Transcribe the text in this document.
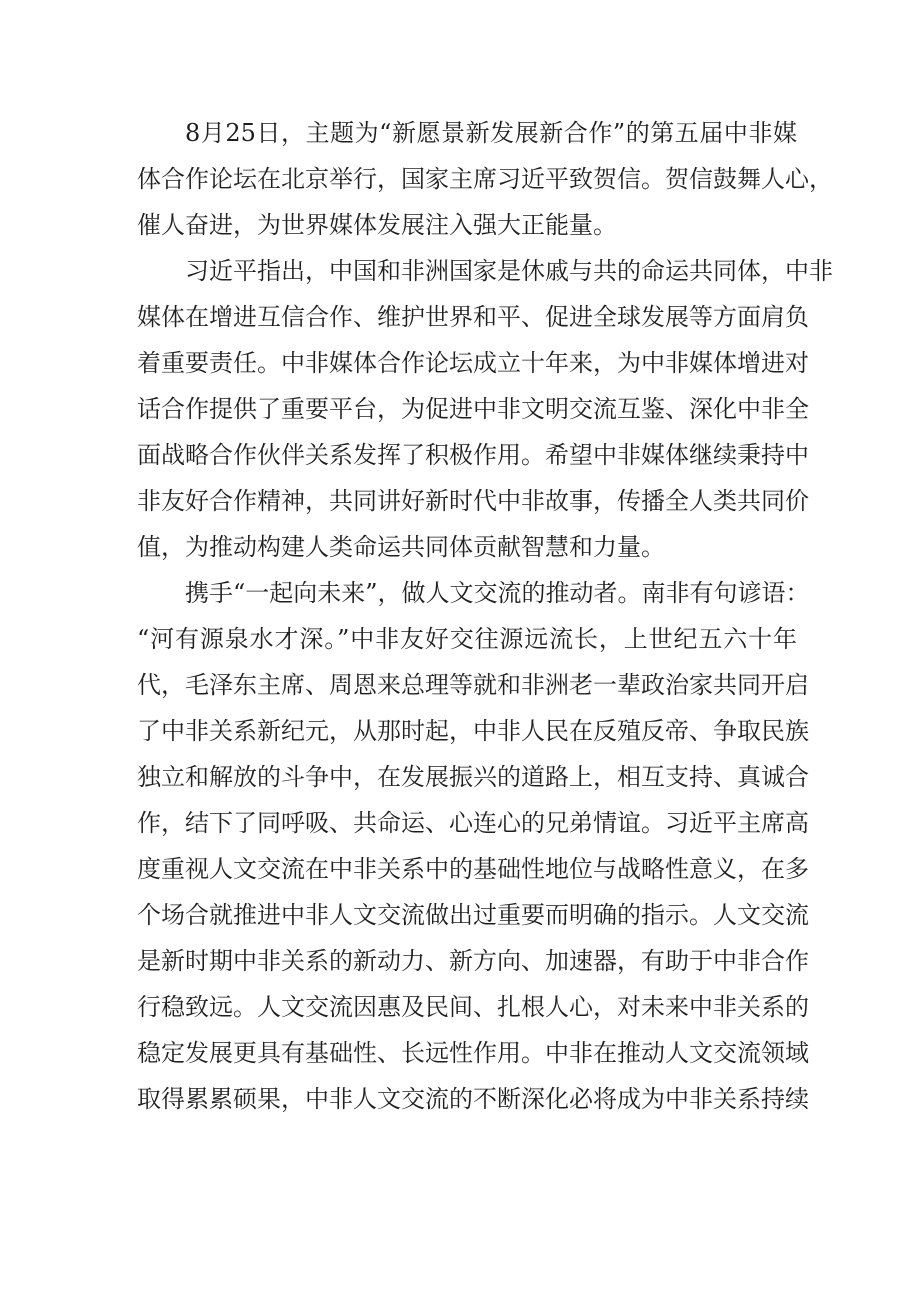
8月25日，主题为“新愿景新发展新合作”的第五届中非媒
体合作论坛在北京举行，国家主席习近平致贺信。贺信鼓舞人心，
催人奋进，为世界媒体发展注入强大正能量。
习近平指出，中国和非洲国家是休戚与共的命运共同体，中非
媒体在增进互信合作、维护世界和平、促进全球发展等方面肩负
着重要责任。中非媒体合作论坛成立十年来，为中非媒体增进对
话合作提供了重要平台，为促进中非文明交流互鉴、深化中非全
面战略合作伙伴关系发挥了积极作用。希望中非媒体继续秉持中
非友好合作精神，共同讲好新时代中非故事，传播全人类共同价
值，为推动构建人类命运共同体贡献智慧和力量。
携手“一起向未来”，做人文交流的推动者。南非有句谚语：
“河有源泉水才深。”中非友好交往源远流长，上世纪五六十年
代，毛泽东主席、周恩来总理等就和非洲老一辈政治家共同开启
了中非关系新纪元，从那时起，中非人民在反殖反帝、争取民族
独立和解放的斗争中，在发展振兴的道路上，相互支持、真诚合
作，结下了同呼吸、共命运、心连心的兄弟情谊。习近平主席高
度重视人文交流在中非关系中的基础性地位与战略性意义，在多
个场合就推进中非人文交流做出过重要而明确的指示。人文交流
是新时期中非关系的新动力、新方向、加速器，有助于中非合作
行稳致远。人文交流因惠及民间、扎根人心，对未来中非关系的
稳定发展更具有基础性、长远性作用。中非在推动人文交流领域
取得累累硕果，中非人文交流的不断深化必将成为中非关系持续
